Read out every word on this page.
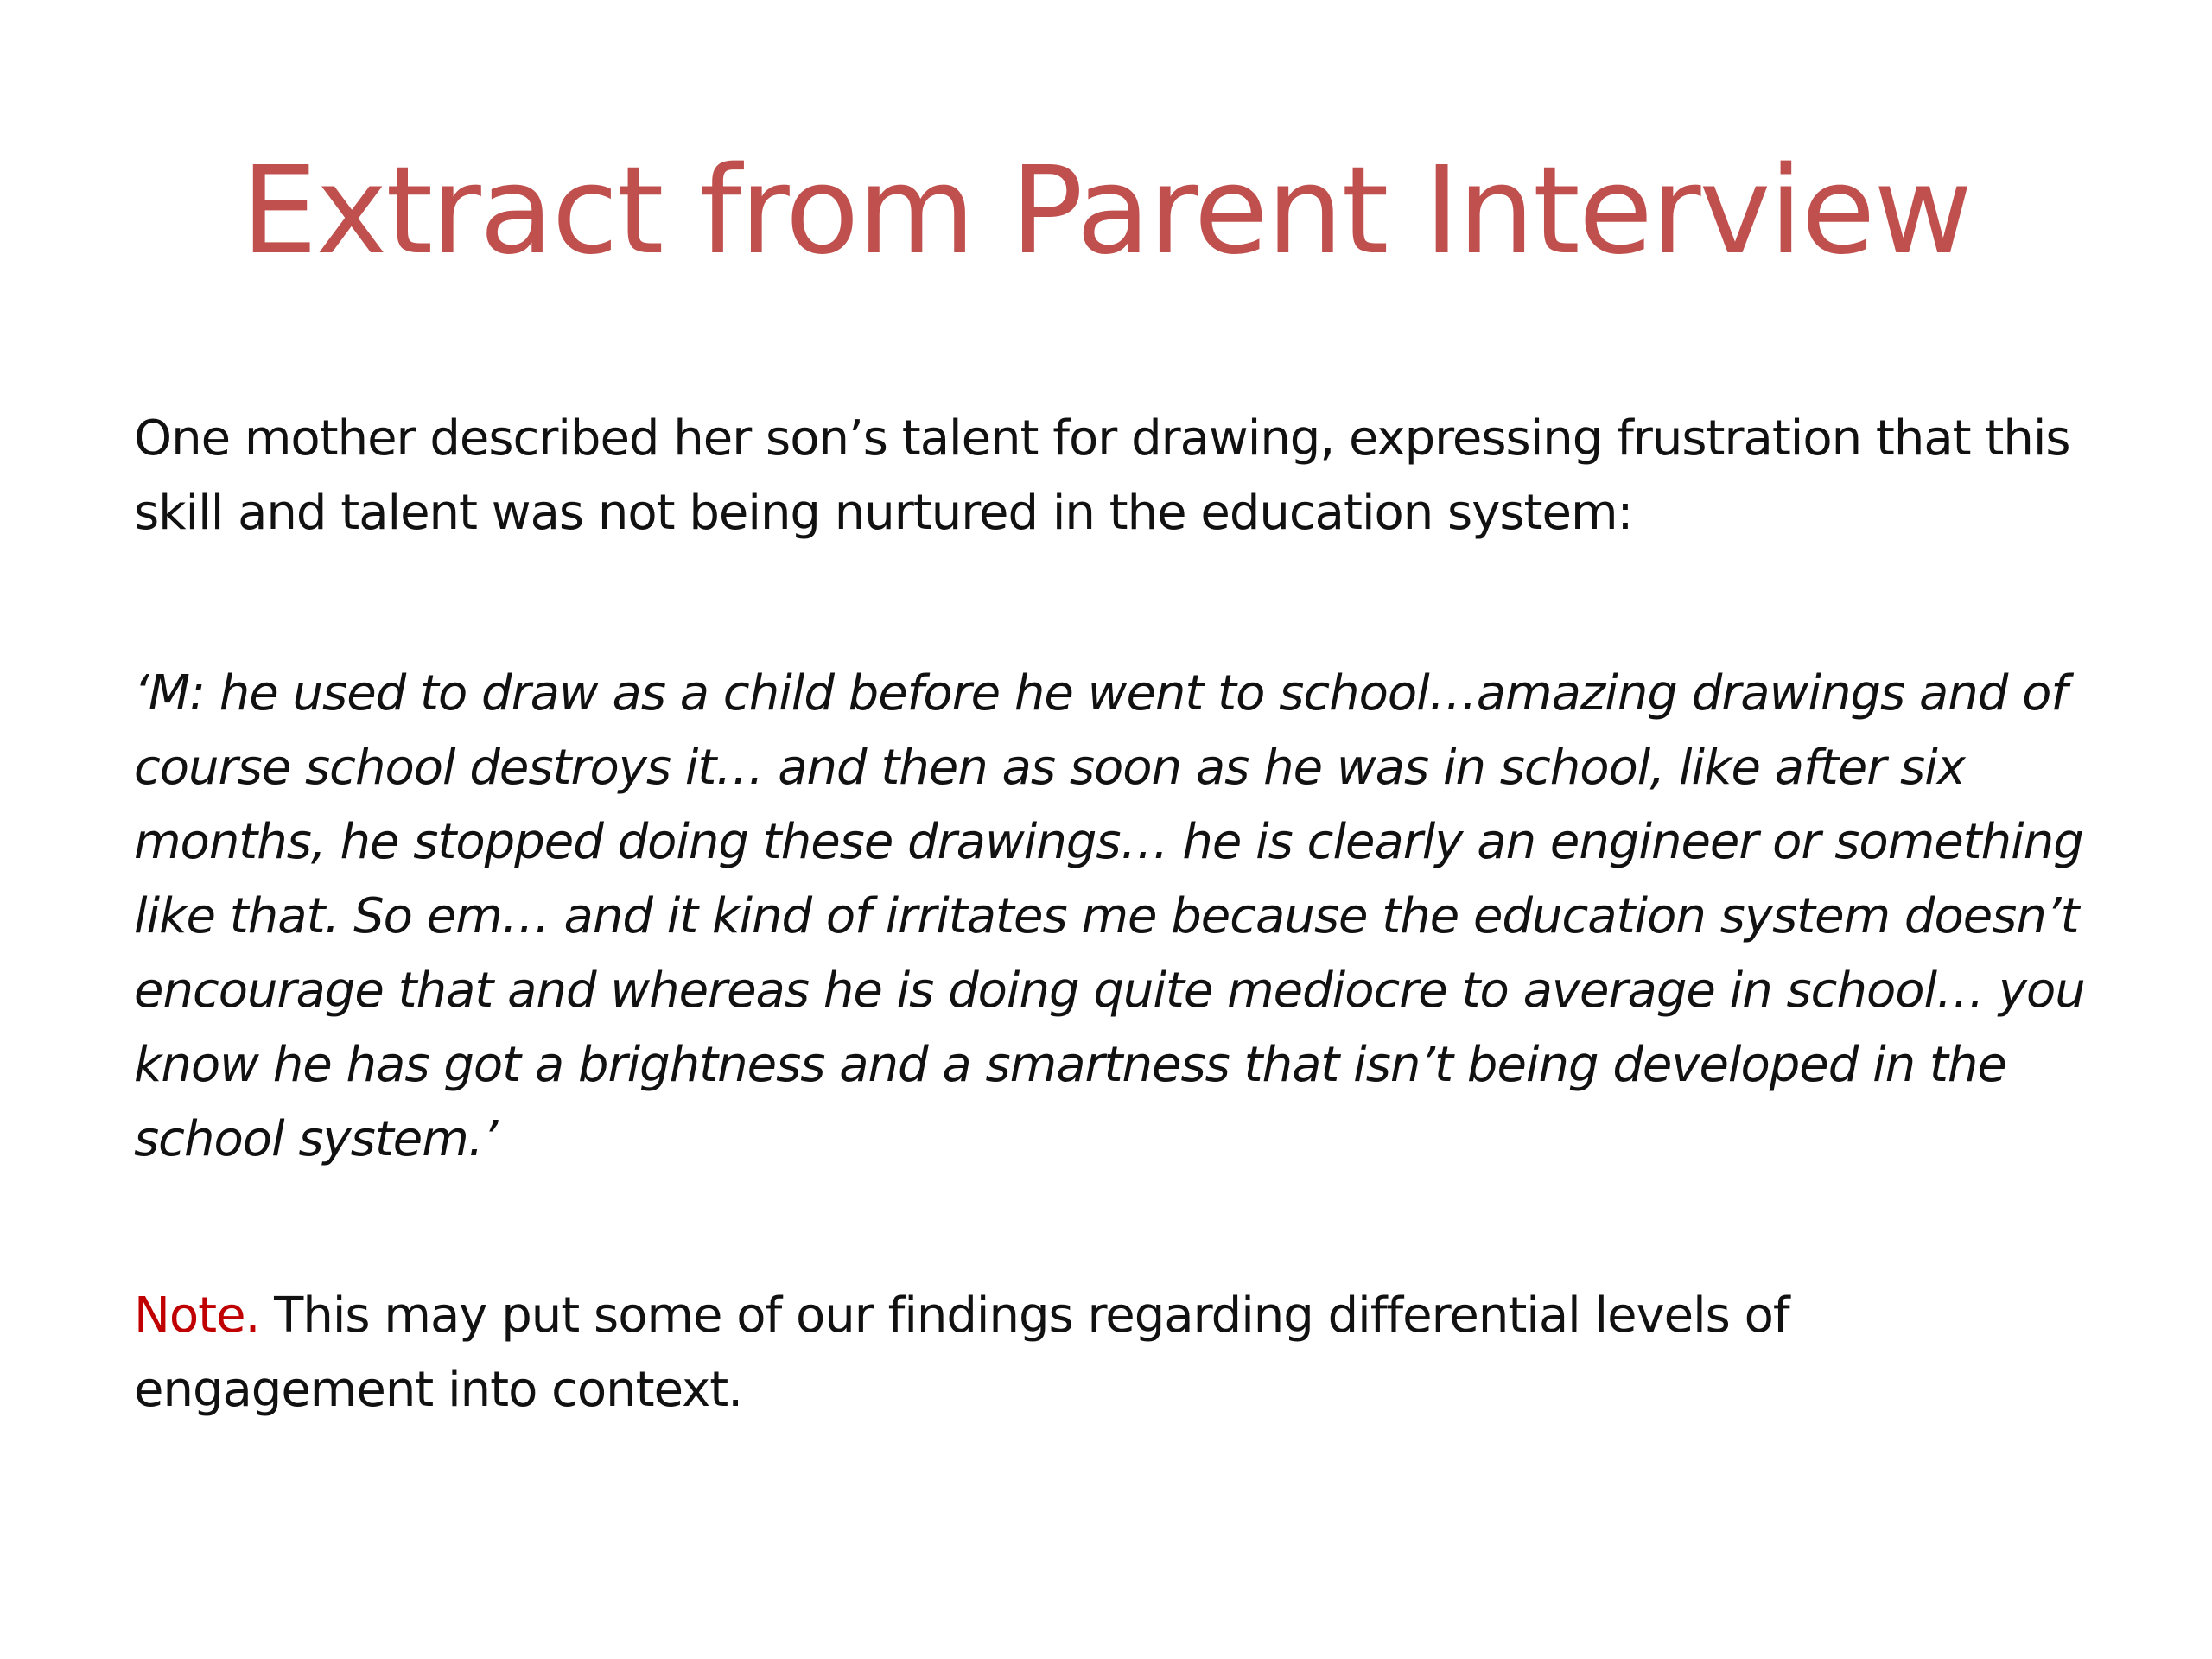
Extract from Parent Interview

One mother described her son’s talent for drawing, expressing frustration that this skill and talent was not being nurtured in the education system:

‘M: he used to draw as a child before he went to school…amazing drawings and of course school destroys it… and then as soon as he was in school, like after six months, he stopped doing these drawings… he is clearly an engineer or something like that. So em… and it kind of irritates me because the education system doesn’t encourage that and whereas he is doing quite mediocre to average in school… you know he has got a brightness and a smartness that isn’t being developed in the school system.’

Note. This may put some of our findings regarding differential levels of engagement into context.
